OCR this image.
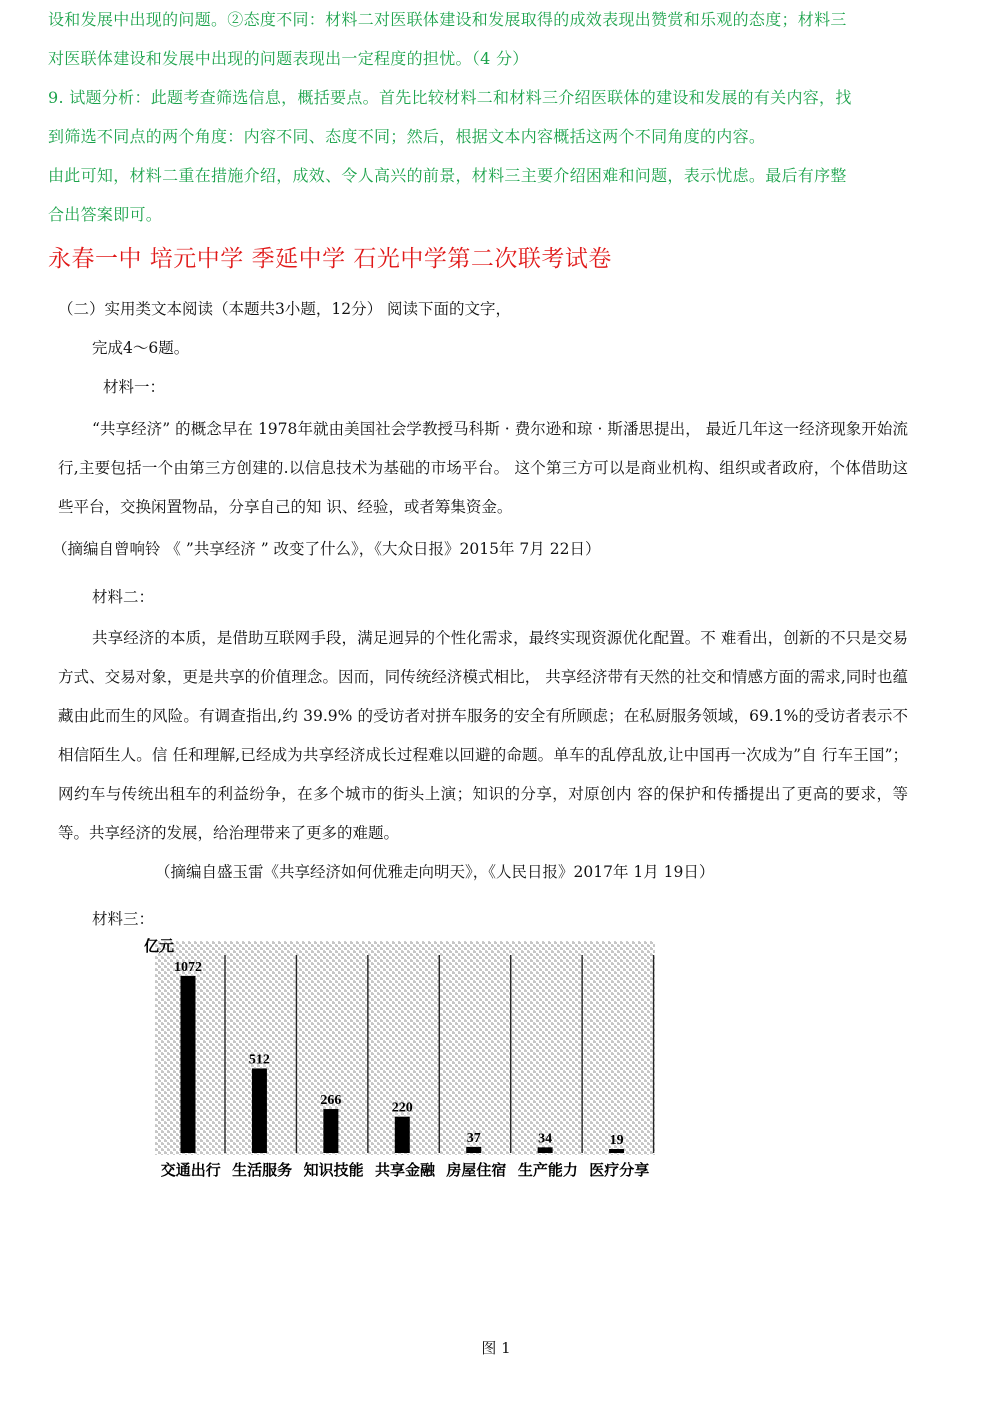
设和发展中出现的问题。②态度不同：材料二对医联体建设和发展取得的成效表现出赞赏和乐观的态度；材料三
对医联体建设和发展中出现的问题表现出一定程度的担忧。（4 分）
9. 试题分析：此题考查筛选信息，概括要点。首先比较材料二和材料三介绍医联体的建设和发展的有关内容，找
到筛选不同点的两个角度：内容不同、态度不同；然后，根据文本内容概括这两个不同角度的内容。
由此可知，材料二重在措施介绍，成效、令人高兴的前景，材料三主要介绍困难和问题，表示忧虑。最后有序整
合出答案即可。
永春一中 培元中学 季延中学 石光中学第二次联考试卷
（二）实用类文本阅读（本题共3小题，12分） 阅读下面的文字，
完成4～6题。
材料一：
“共享经济” 的概念早在 1978年就由美国社会学教授马科斯 · 费尔逊和琼 · 斯潘思提出， 最近几年这一经济现象开始流行,主要包括一个由第三方创建的.以信息技术为基础的市场平台。 这个第三方可以是商业机构、组织或者政府，个体借助这些平台，交换闲置物品，分享自己的知 识、经验，或者筹集资金。
（摘编自曾响铃 《 ”共享经济 ” 改变了什么》，《大众日报》2015年 7月 22日）
材料二：
共享经济的本质，是借助互联网手段，满足迥异的个性化需求，最终实现资源优化配置。不 难看出，创新的不只是交易方式、交易对象，更是共享的价值理念。因而，同传统经济模式相比， 共享经济带有天然的社交和情感方面的需求,同时也蕴藏由此而生的风险。有调查指出,约 39.9% 的受访者对拼车服务的安全有所顾虑；在私厨服务领域，69.1%的受访者表示不相信陌生人。信 任和理解,已经成为共享经济成长过程难以回避的命题。单车的乱停乱放,让中国再一次成为”自 行车王国”；网约车与传统出租车的利益纷争，在多个城市的街头上演；知识的分享，对原创内 容的保护和传播提出了更高的要求，等等。共享经济的发展，给治理带来了更多的难题。
（摘编自盛玉雷《共享经济如何优雅走向明天》，《人民日报》2017年 1月 19日）
材料三：
亿元
1072
交通出行
512
生活服务
266
知识技能
220
共享金融
37
房屋住宿
34
生产能力
19
医疗分享
图 1
